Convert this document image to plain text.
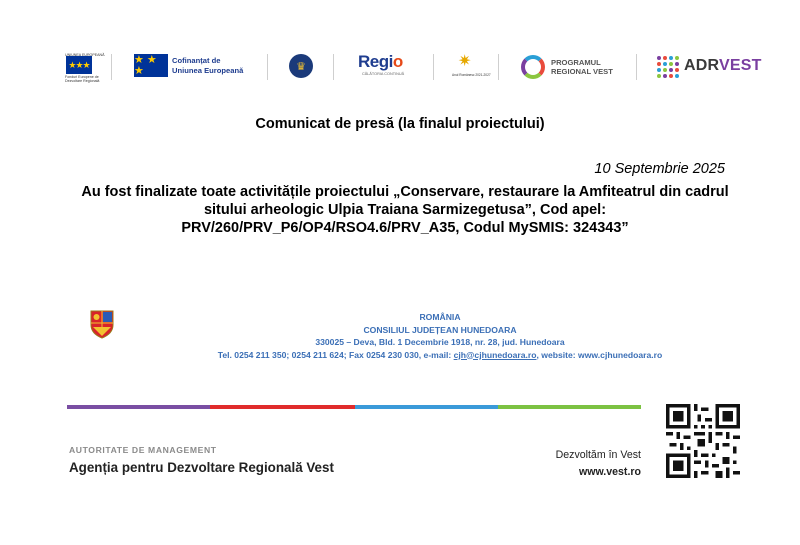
★★★
UNIUNEA EUROPEANĂ
Fonduri Europene de
Dezvoltare Regională
★ ★ ★
Cofinanțat de
Uniunea Europeană	♛	Regio
CĂLĂTORIA CONTINUĂ
✷
Anul Românesc 2021-2027
PROGRAMUL
REGIONAL VEST	ADRVEST
Comunicat de presă (la finalul proiectului)
10 Septembrie 2025
Au fost finalizate toate activitățile proiectului „Conservare, restaurare la Amfiteatrul din cadrul
sitului arheologic Ulpia Traiana Sarmizegetusa”, Cod apel:
PRV/260/PRV_P6/OP4/RSO4.6/PRV_A35, Codul MySMIS: 324343”
ROMÂNIA
CONSILIUL JUDEȚEAN HUNEDOARA
330025 – Deva, Bld. 1 Decembrie 1918, nr. 28, jud. Hunedoara
Tel. 0254 211 350; 0254 211 624; Fax 0254 230 030, e-mail: cjh@cjhunedoara.ro, website: www.cjhunedoara.ro
AUTORITATE DE MANAGEMENT
Agenția pentru Dezvoltare Regională Vest
Dezvoltăm în Vest
www.vest.ro
